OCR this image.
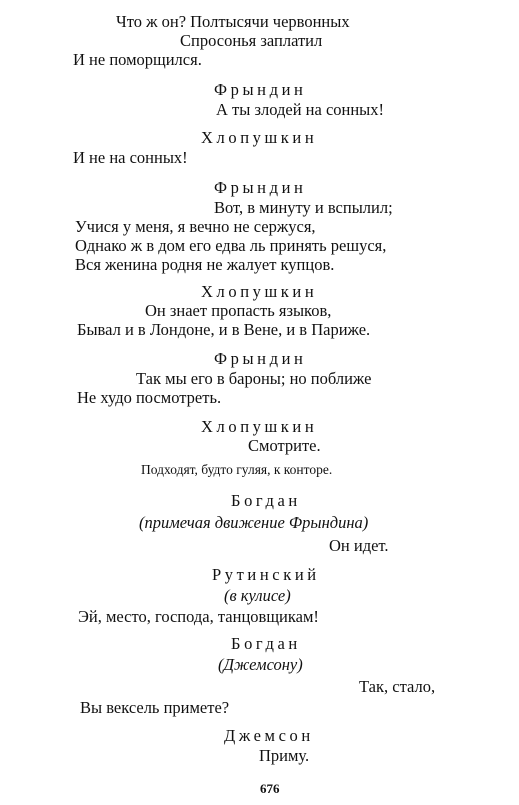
Что ж он? Полтысячи червонных
Спросонья заплатил
И не поморщился.
Фрындин
А ты злодей на сонных!
Хлопушкин
И не на сонных!
Фрындин
Вот, в минуту и вспылил;
Учися у меня, я вечно не сержуся,
Однако ж в дом его едва ль принять решуся,
Вся женина родня не жалует купцов.
Хлопушкин
Он знает пропасть языков,
Бывал и в Лондоне, и в Вене, и в Париже.
Фрындин
Так мы его в бароны; но поближе
Не худо посмотреть.
Хлопушкин
Смотрите.
Подходят, будто гуляя, к конторе.
Богдан
(примечая движение Фрындина)
Он идет.
Рутинский
(в кулисе)
Эй, место, господа, танцовщикам!
Богдан
(Джемсону)
Так, стало,
Вы вексель примете?
Джемсон
Приму.
676
